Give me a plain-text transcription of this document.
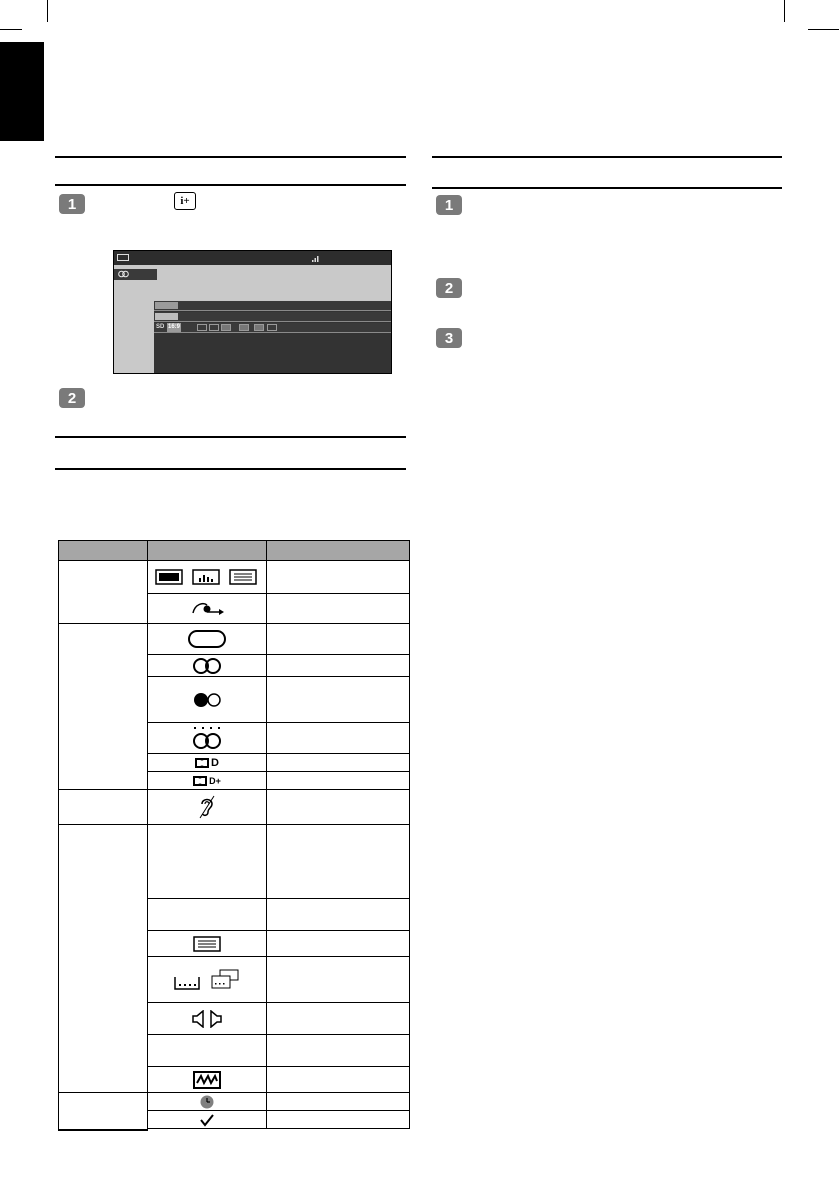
1
2
i+	1
2
3
SD 16:9
D
D+
